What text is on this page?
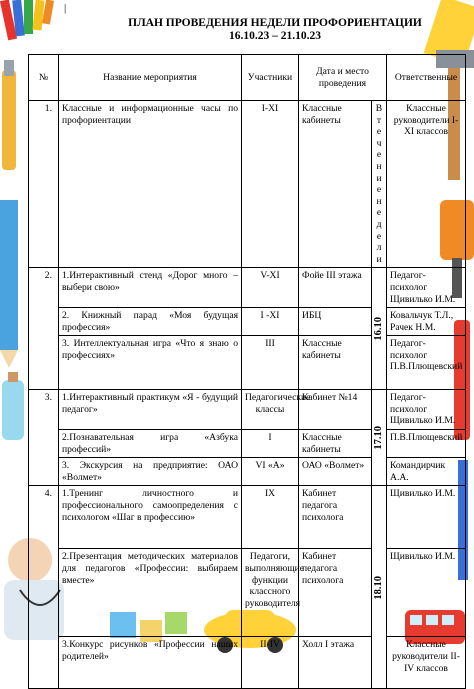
ПЛАН ПРОВЕДЕНИЯ НЕДЕЛИ ПРОФОРИЕНТАЦИИ
16.10.23 – 21.10.23
|
№	Название мероприятия	Участники	Дата и место проведения		Ответственные
1.	Классные и информационные часы по профориентации	I-XI	Классные кабинеты	В течение недели	Классные руководители I-XI классов
2.	1.Интерактивный стенд «Дорог много – выбери свою»	V-XI	Фойе III этажа	16.10	Педагог-психолог Щивилько И.М.
	2. Книжный парад «Моя будущая профессия»	I -XI	ИБЦ		Ковальчук Т.Л., Рачек Н.М.
	3. Интеллектуальная игра «Что я знаю о профессиях»	III	Классные кабинеты		Педагог-психолог П.В.Плющевский
3.	1.Интерактивный практикум «Я - будущий педагог»	Педагогические классы	Кабинет №14	17.10	Педагог-психолог Щивилько И.М.
	2.Познавательная игра «Азбука профессий»	I	Классные кабинеты		П.В.Плющевский
	3. Экскурсия на предприятие: ОАО «Волмет»	VI «А»	ОАО «Волмет»		Командирчик А.А.
4.	1.Тренинг личностного и профессионального самоопределения с психологом «Шаг в профессию»	IX	Кабинет педагога психолога	18.10	Щивилько И.М.
	2.Презентация методических материалов для педагогов «Профессии: выбираем вместе»	Педагоги, выполняющие функции классного руководителя	Кабинет педагога психолога		Щивилько И.М.
	3.Конкурс рисунков «Профессии наших родителей»	II-IV	Холл I этажа		Классные руководители II-IV классов
